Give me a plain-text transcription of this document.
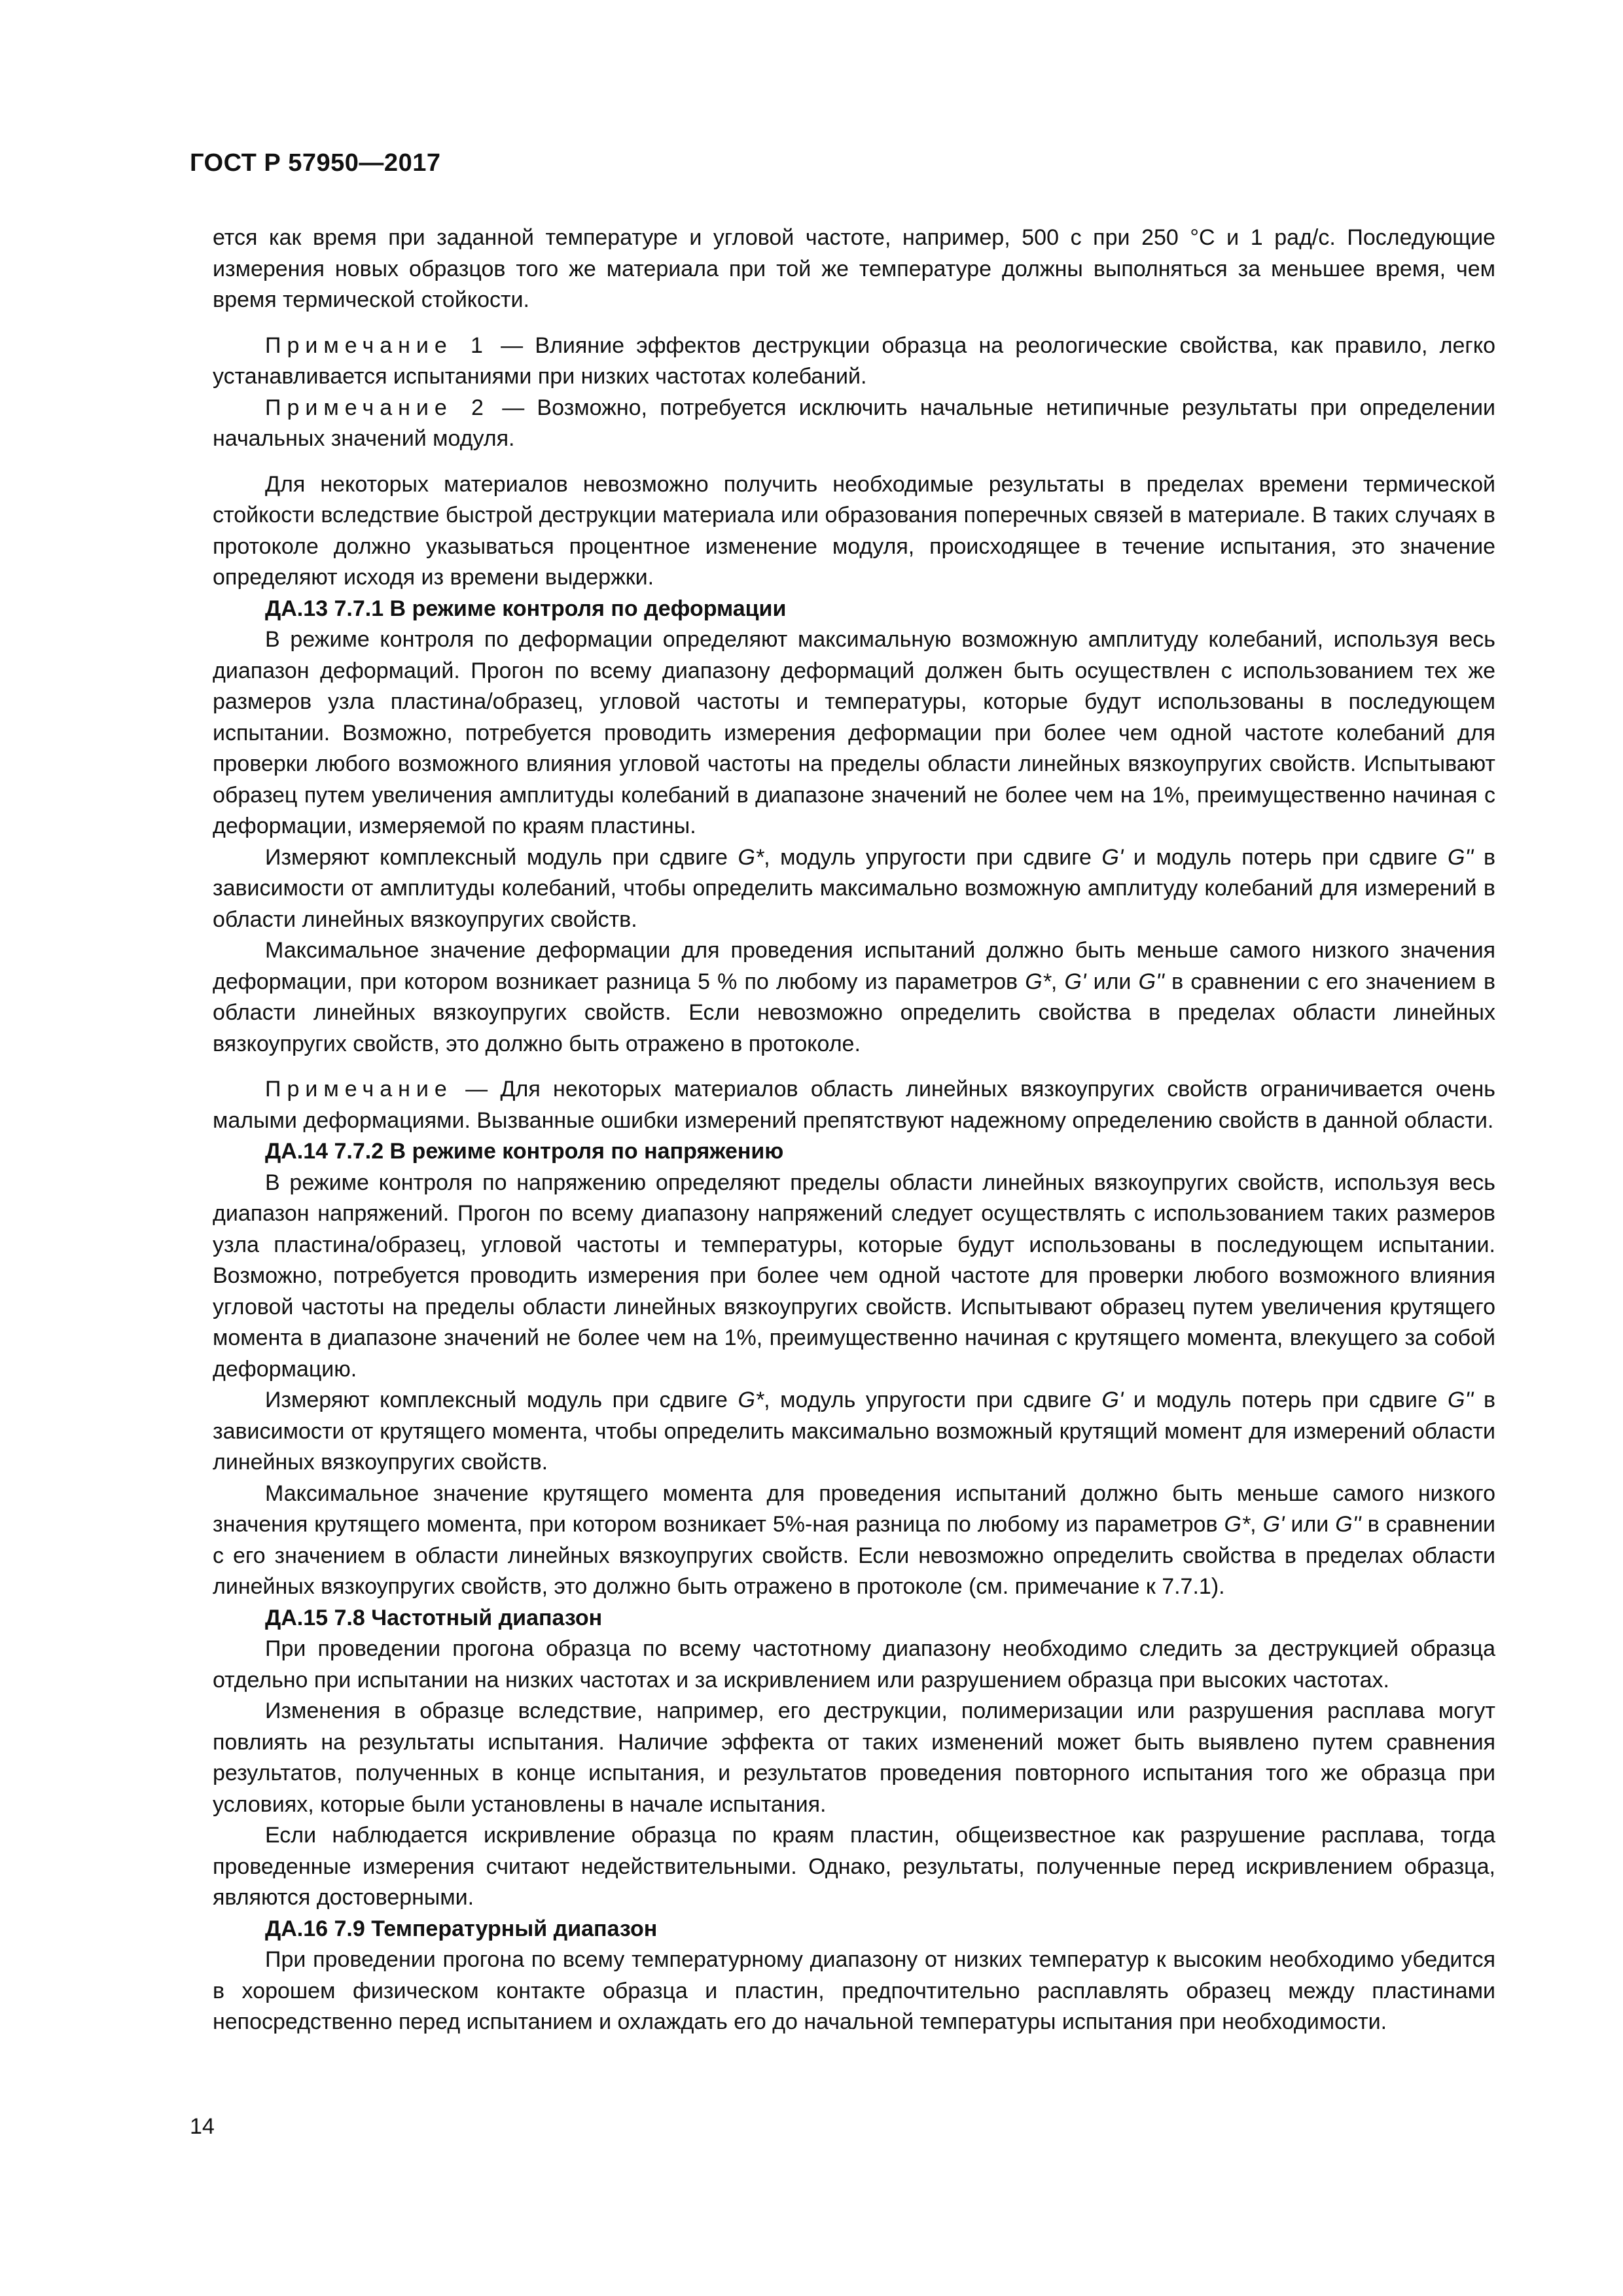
ГОСТ Р 57950—2017

ется как время при заданной температуре и угловой частоте, например, 500 с при 250 °С и 1 рад/с. Последующие измерения новых образцов того же материала при той же температуре должны выполняться за меньшее время, чем время термической стойкости.

Примечание 1 — Влияние эффектов деструкции образца на реологические свойства, как правило, легко устанавливается испытаниями при низких частотах колебаний.

Примечание 2 — Возможно, потребуется исключить начальные нетипичные результаты при определении начальных значений модуля.

Для некоторых материалов невозможно получить необходимые результаты в пределах времени термической стойкости вследствие быстрой деструкции материала или образования поперечных связей в материале. В таких случаях в протоколе должно указываться процентное изменение модуля, происходящее в течение испытания, это значение определяют исходя из времени выдержки.

ДА.13 7.7.1 В режиме контроля по деформации

В режиме контроля по деформации определяют максимальную возможную амплитуду колебаний, используя весь диапазон деформаций. Прогон по всему диапазону деформаций должен быть осуществлен с использованием тех же размеров узла пластина/образец, угловой частоты и температуры, которые будут использованы в последующем испытании. Возможно, потребуется проводить измерения деформации при более чем одной частоте колебаний для проверки любого возможного влияния угловой частоты на пределы области линейных вязкоупругих свойств. Испытывают образец путем увеличения амплитуды колебаний в диапазоне значений не более чем на 1%, преимущественно начиная с деформации, измеряемой по краям пластины.

Измеряют комплексный модуль при сдвиге G*, модуль упругости при сдвиге G' и модуль потерь при сдвиге G'' в зависимости от амплитуды колебаний, чтобы определить максимально возможную амплитуду колебаний для измерений в области линейных вязкоупругих свойств.

Максимальное значение деформации для проведения испытаний должно быть меньше самого низкого значения деформации, при котором возникает разница 5 % по любому из параметров G*, G' или G'' в сравнении с его значением в области линейных вязкоупругих свойств. Если невозможно определить свойства в пределах области линейных вязкоупругих свойств, это должно быть отражено в протоколе.

Примечание — Для некоторых материалов область линейных вязкоупругих свойств ограничивается очень малыми деформациями. Вызванные ошибки измерений препятствуют надежному определению свойств в данной области.

ДА.14 7.7.2 В режиме контроля по напряжению

В режиме контроля по напряжению определяют пределы области линейных вязкоупругих свойств, используя весь диапазон напряжений. Прогон по всему диапазону напряжений следует осуществлять с использованием таких размеров узла пластина/образец, угловой частоты и температуры, которые будут использованы в последующем испытании. Возможно, потребуется проводить измерения при более чем одной частоте для проверки любого возможного влияния угловой частоты на пределы области линейных вязкоупругих свойств. Испытывают образец путем увеличения крутящего момента в диапазоне значений не более чем на 1%, преимущественно начиная с крутящего момента, влекущего за собой деформацию.

Измеряют комплексный модуль при сдвиге G*, модуль упругости при сдвиге G' и модуль потерь при сдвиге G'' в зависимости от крутящего момента, чтобы определить максимально возможный крутящий момент для измерений области линейных вязкоупругих свойств.

Максимальное значение крутящего момента для проведения испытаний должно быть меньше самого низкого значения крутящего момента, при котором возникает 5%-ная разница по любому из параметров G*, G' или G'' в сравнении с его значением в области линейных вязкоупругих свойств. Если невозможно определить свойства в пределах области линейных вязкоупругих свойств, это должно быть отражено в протоколе (см. примечание к 7.7.1).

ДА.15 7.8 Частотный диапазон

При проведении прогона образца по всему частотному диапазону необходимо следить за деструкцией образца отдельно при испытании на низких частотах и за искривлением или разрушением образца при высоких частотах.

Изменения в образце вследствие, например, его деструкции, полимеризации или разрушения расплава могут повлиять на результаты испытания. Наличие эффекта от таких изменений может быть выявлено путем сравнения результатов, полученных в конце испытания, и результатов проведения повторного испытания того же образца при условиях, которые были установлены в начале испытания.

Если наблюдается искривление образца по краям пластин, общеизвестное как разрушение расплава, тогда проведенные измерения считают недействительными. Однако, результаты, полученные перед искривлением образца, являются достоверными.

ДА.16 7.9 Температурный диапазон

При проведении прогона по всему температурному диапазону от низких температур к высоким необходимо убедится в хорошем физическом контакте образца и пластин, предпочтительно расплавлять образец между пластинами непосредственно перед испытанием и охлаждать его до начальной температуры испытания при необходимости.

14
